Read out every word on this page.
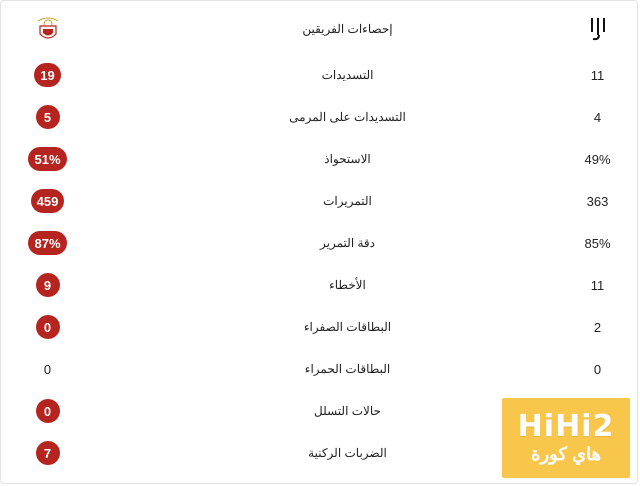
إحصاءات الفريقين
19	التسديدات	11
5	التسديدات على المرمى	4
51%	الاستحواذ	49%
459	التمريرات	363
87%	دقة التمرير	85%
9	الأخطاء	11
0	البطاقات الصفراء	2
0	البطاقات الحمراء	0
0	حالات التسلل
7	الضربات الركنية
HiHi2
هاي كورة
